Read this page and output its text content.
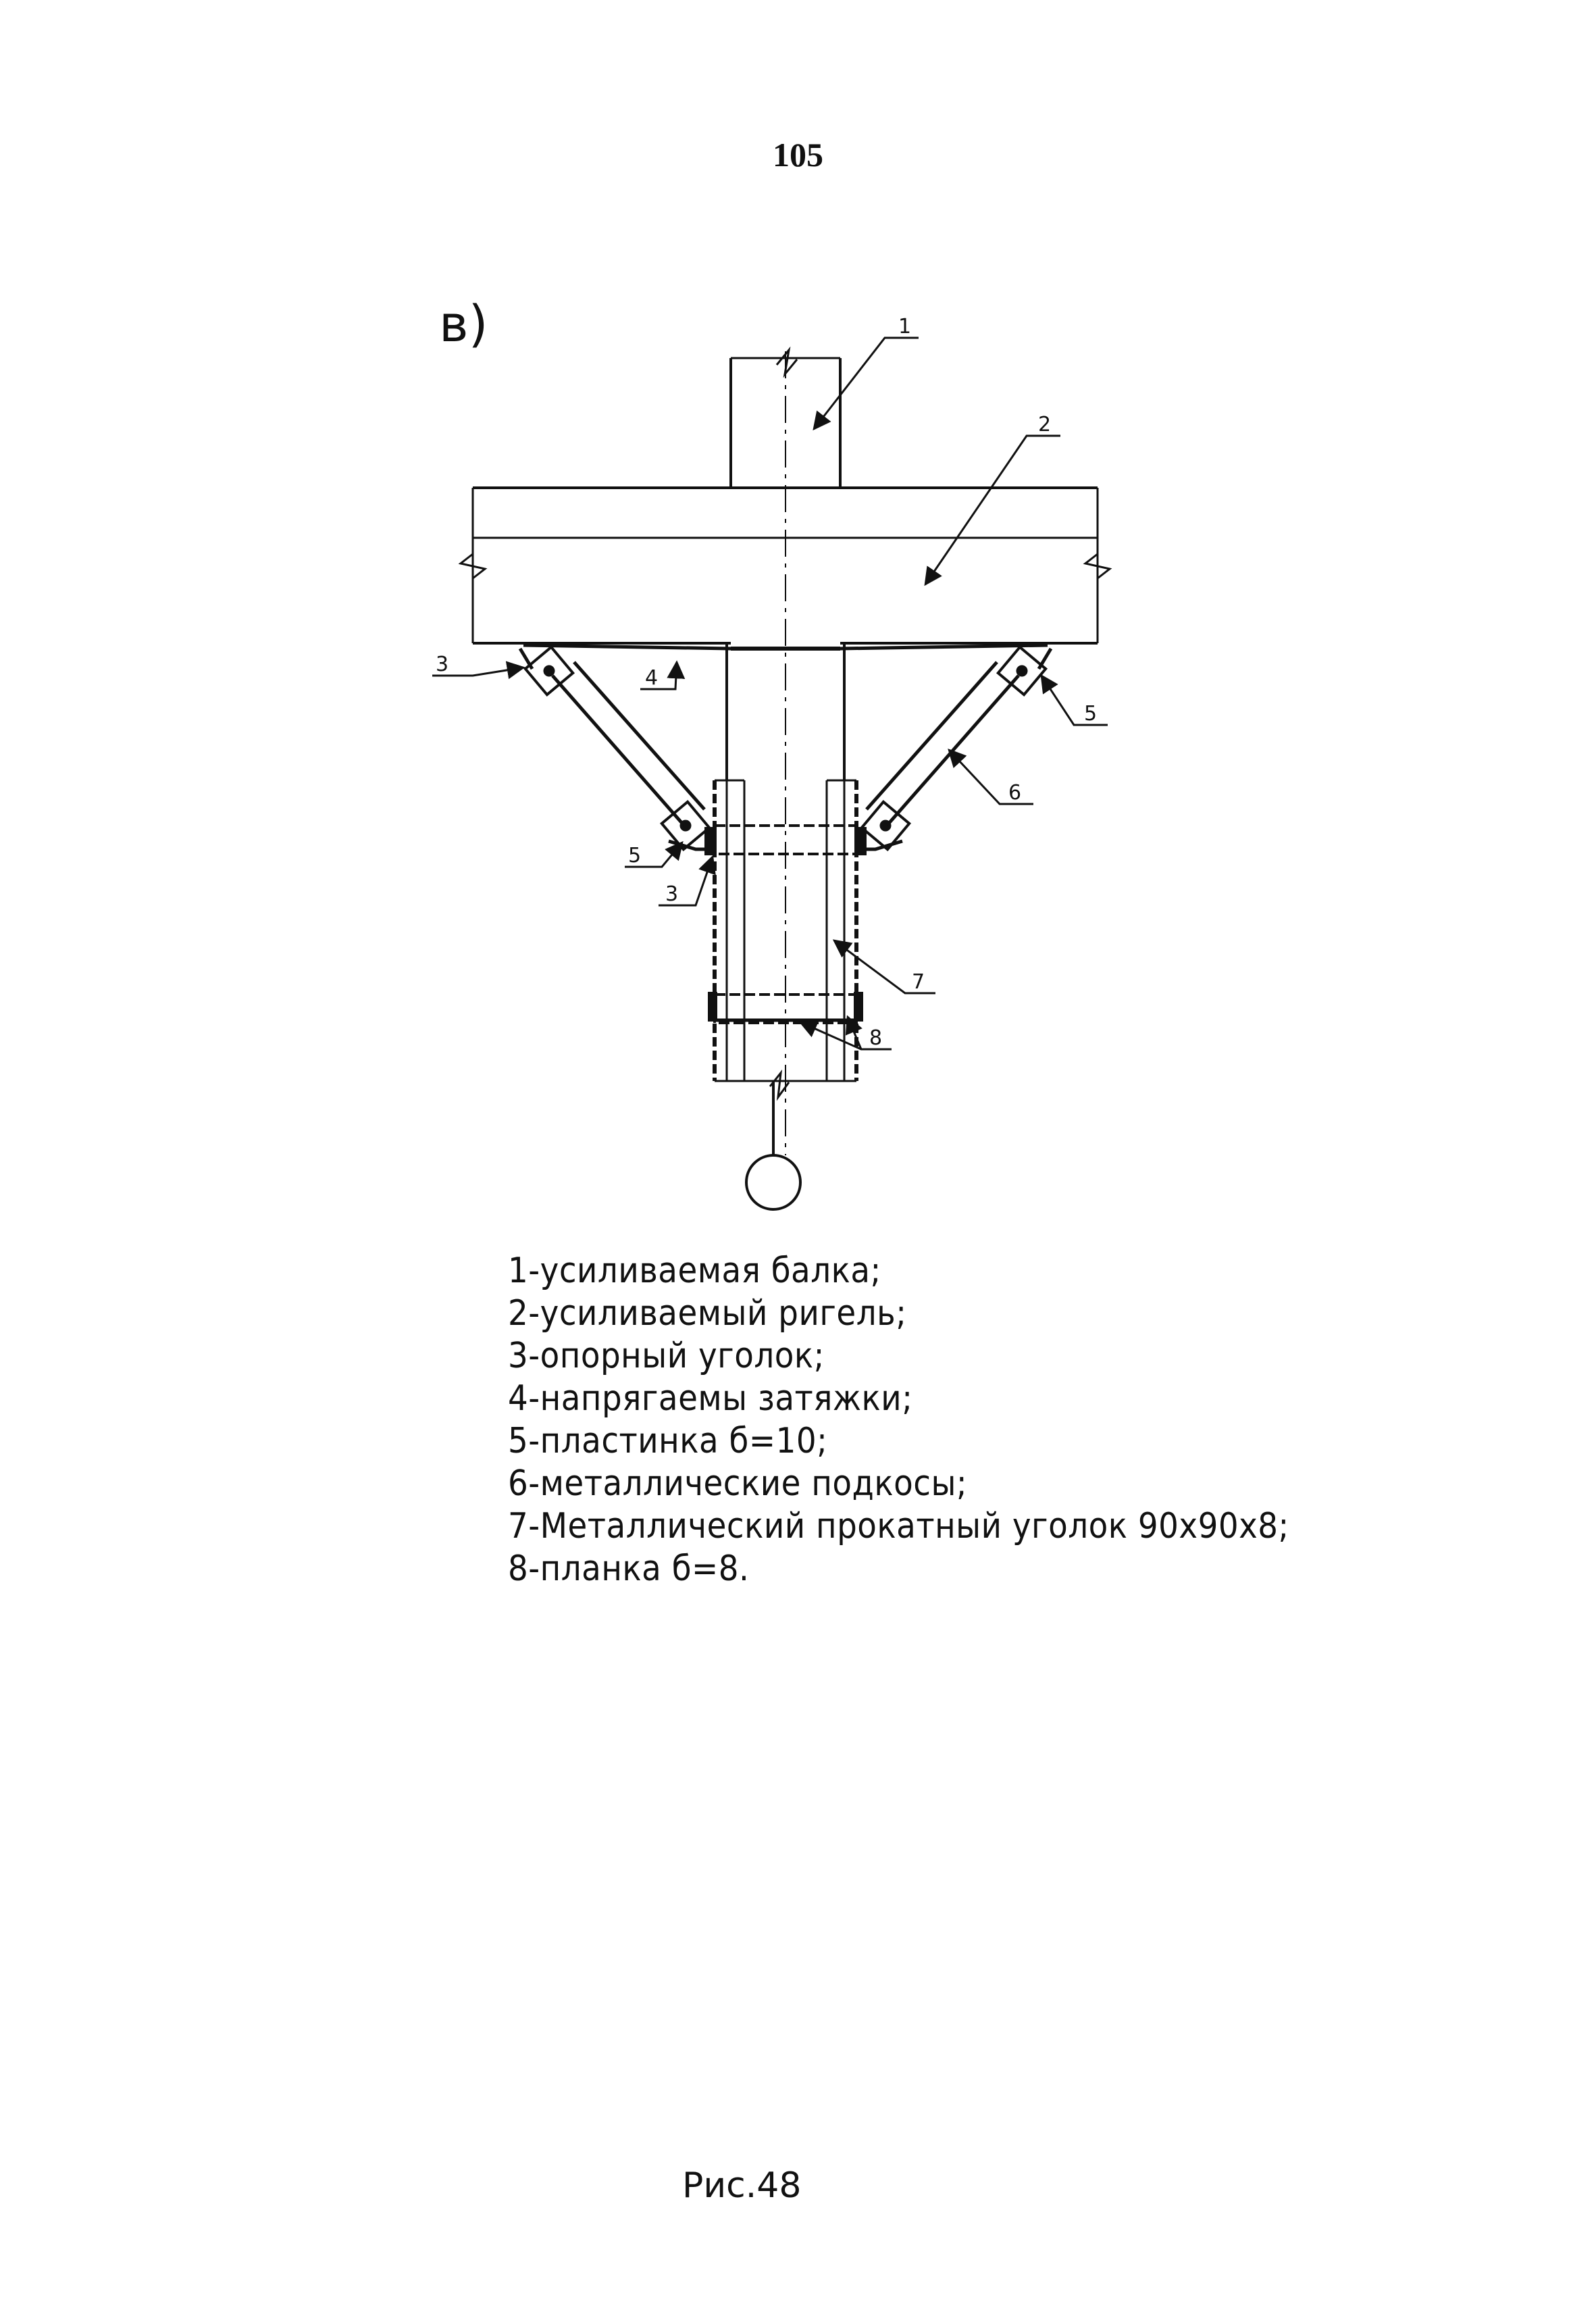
105
в)	1
2
3
4
5
6
5
3
7
8
1-усиливаемая балка;
2-усиливаемый ригель;
3-опорный уголок;
4-напрягаемы затяжки;
5-пластинка б=10;
6-металлические подкосы;
7-Металлический прокатный уголок 90х90х8;
8-планка б=8.
Рис.48
